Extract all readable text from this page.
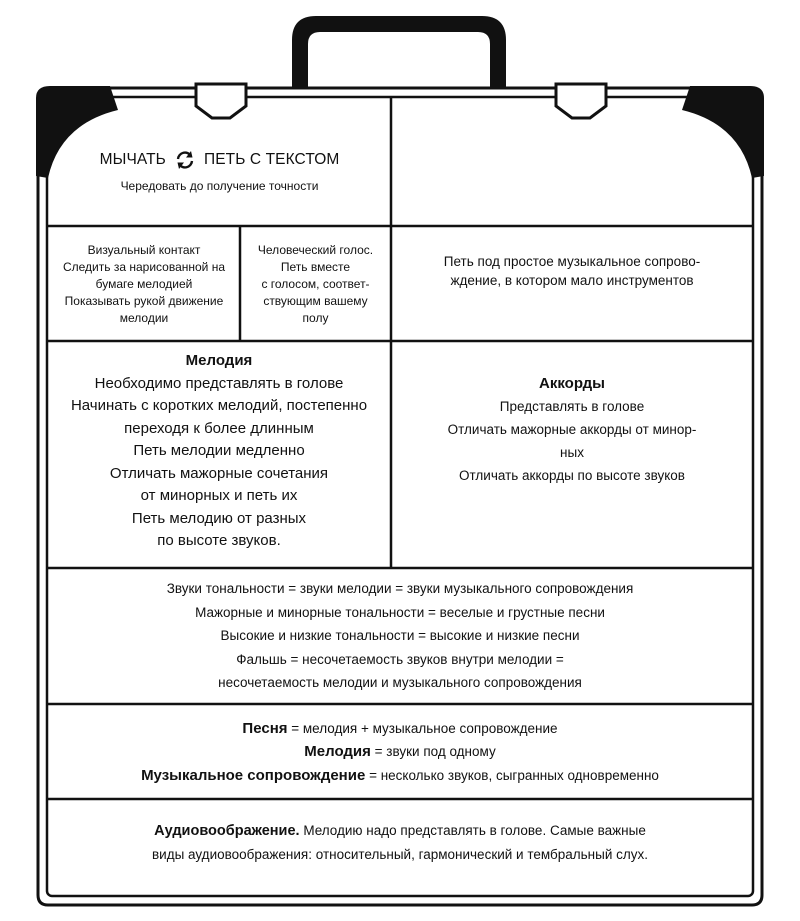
МЫЧАТЬ ПЕТЬ С ТЕКСТОМ
Чередовать до получение точности
Визуальный контакт
Следить за нарисованной на
бумаге мелодией
Показывать рукой движение
мелодии
Человеческий голос.
Петь вместе
с голосом, соответ-
ствующим вашему
полу
Петь под простое музыкальное сопрово-
ждение, в котором мало инструментов
Мелодия
Необходимо представлять в голове
Начинать с коротких мелодий, постепенно
переходя к более длинным
Петь мелодии медленно
Отличать мажорные сочетания
от минорных и петь их
Петь мелодию от разных
по высоте звуков.
Аккорды
Представлять в голове
Отличать мажорные аккорды от минор-
ных
Отличать аккорды по высоте звуков
Звуки тональности = звуки мелодии = звуки музыкального сопровождения
Мажорные и минорные тональности = веселые и грустные песни
Высокие и низкие тональности = высокие и низкие песни
Фальшь = несочетаемость звуков внутри мелодии =
несочетаемость мелодии и музыкального сопровождения
Песня = мелодия + музыкальное сопровождение
Мелодия = звуки под одному
Музыкальное сопровождение = несколько звуков, сыгранных одновременно
Аудиовоображение. Мелодию надо представлять в голове. Самые важные
виды аудиовоображения: относительный, гармонический и тембральный слух.
